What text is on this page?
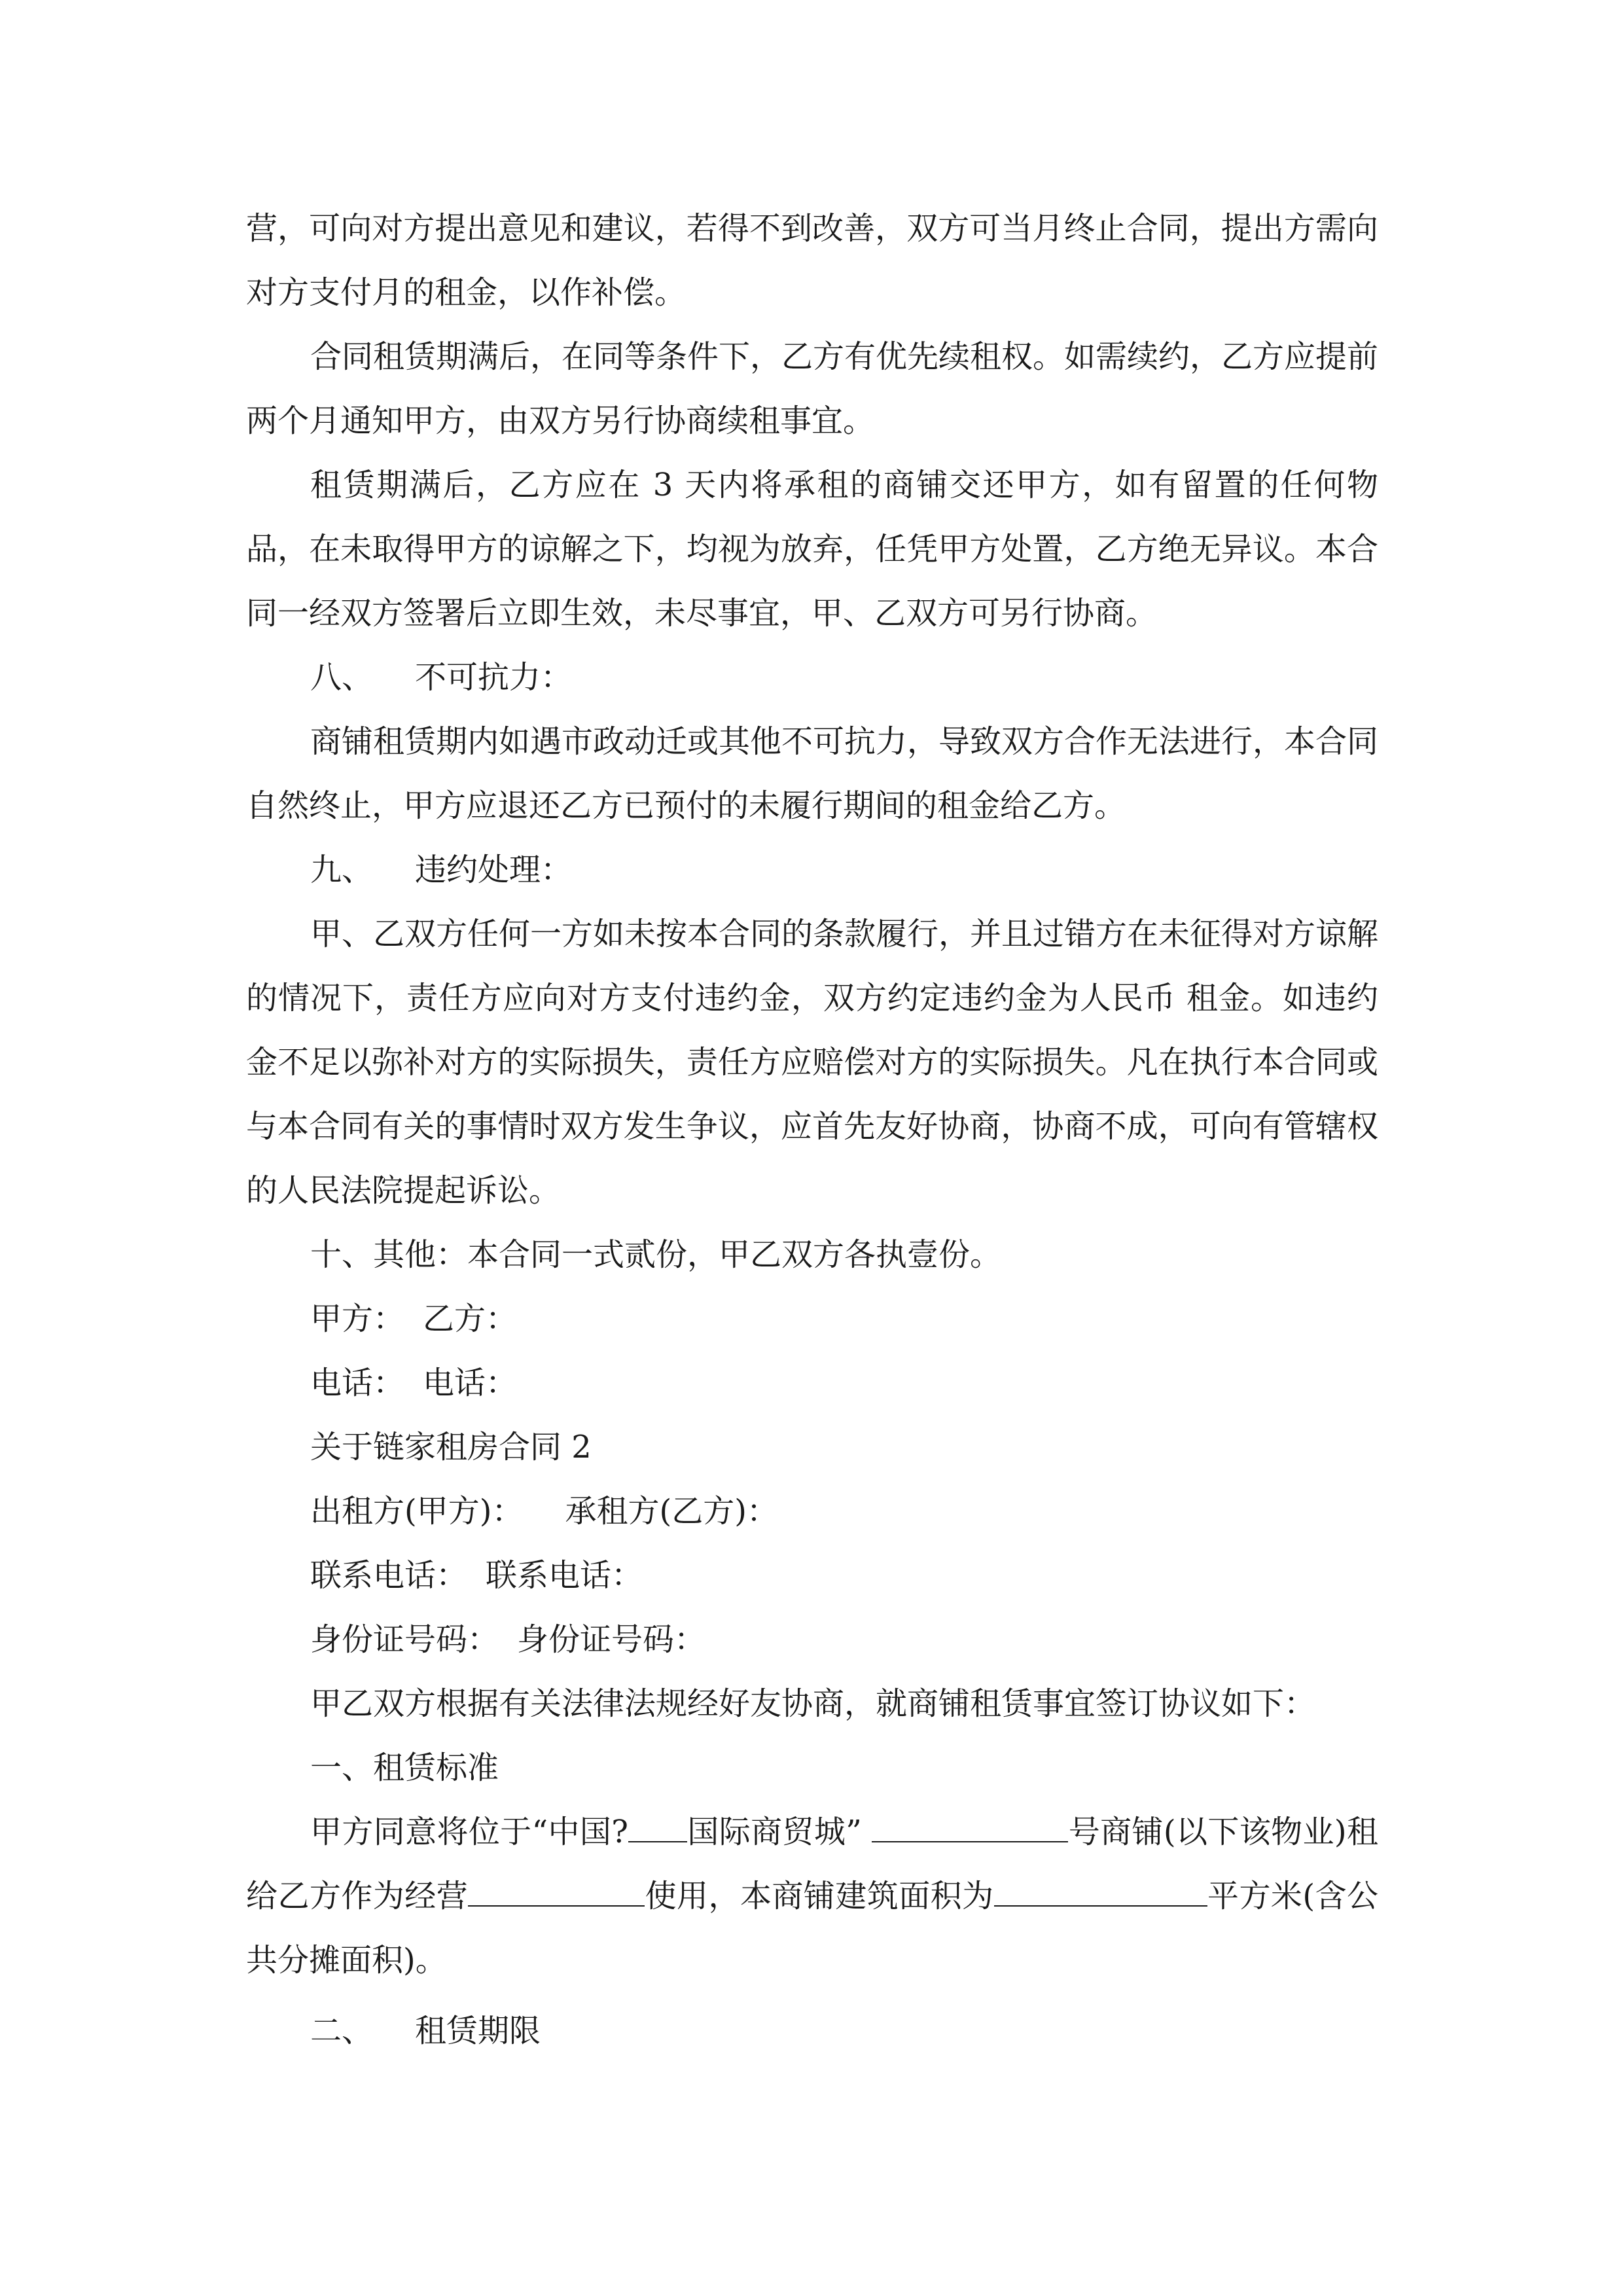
营，可向对方提出意见和建议，若得不到改善，双方可当月终止合同，提出方需向对方支付月的租金，以作补偿。

合同租赁期满后，在同等条件下，乙方有优先续租权。如需续约，乙方应提前两个月通知甲方，由双方另行协商续租事宜。

租赁期满后，乙方应在 3 天内将承租的商铺交还甲方，如有留置的任何物品，在未取得甲方的谅解之下，均视为放弃，任凭甲方处置，乙方绝无异议。本合同一经双方签署后立即生效，未尽事宜，甲、乙双方可另行协商。

八、 不可抗力：

商铺租赁期内如遇市政动迁或其他不可抗力，导致双方合作无法进行，本合同自然终止，甲方应退还乙方已预付的未履行期间的租金给乙方。

九、 违约处理：

甲、乙双方任何一方如未按本合同的条款履行，并且过错方在未征得对方谅解的情况下，责任方应向对方支付违约金，双方约定违约金为人民币 租金。如违约金不足以弥补对方的实际损失，责任方应赔偿对方的实际损失。凡在执行本合同或与本合同有关的事情时双方发生争议，应首先友好协商，协商不成，可向有管辖权的人民法院提起诉讼。

十、其他：本合同一式贰份，甲乙双方各执壹份。

甲方： 乙方：

电话： 电话：

关于链家租房合同 2

出租方(甲方)： 承租方(乙方)：

联系电话： 联系电话：

身份证号码： 身份证号码：

甲乙双方根据有关法律法规经好友协商，就商铺租赁事宜签订协议如下：

一、租赁标准

甲方同意将位于“中国? 国际商贸城”	号商铺(以下该物业)租给乙方作为经营	使用，本商铺建筑面积为	平方米(含公共分摊面积)。

二、 租赁期限
